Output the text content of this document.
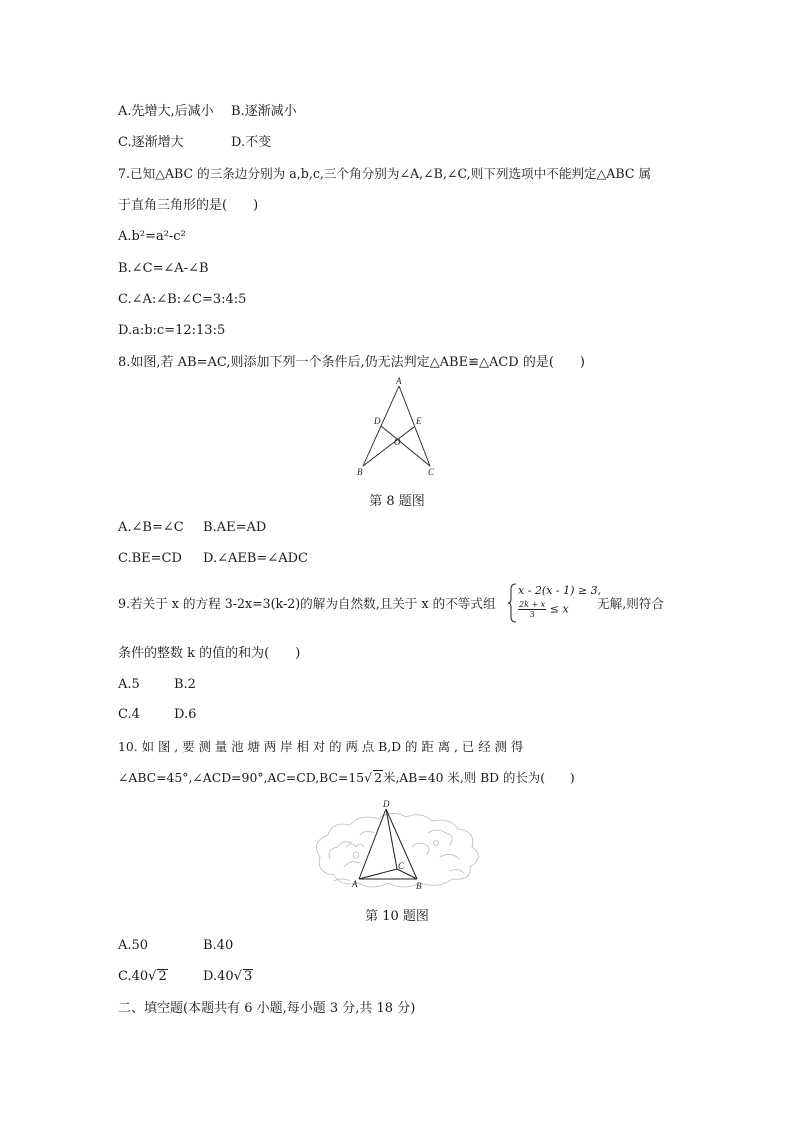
A.先增大,后减小 B.逐渐减小
C.逐渐增大	D.不变
7.已知△ABC 的三条边分别为 a,b,c,三个角分别为∠A,∠B,∠C,则下列选项中不能判定△ABC 属
于直角三角形的是(　　)
A.b²=a²-c²
B.∠C=∠A-∠B
C.∠A:∠B:∠C=3:4:5
D.a:b:c=12:13:5
8.如图,若 AB=AC,则添加下列一个条件后,仍无法判定△ABE≌△ACD 的是(　　)
A
D	E
O
B	C
第 8 题图
A.∠B=∠C B.AE=AD
C.BE=CD D.∠AEB=∠ADC
9.若关于 x 的方程 3-2x=3(k-2)的解为自然数,且关于 x 的不等式组
x - 2(x - 1) ≥ 3,
$\frac{2k + x}{3} \le x$ 无解,则符合
条件的整数 k 的值的和为(　　)
A.5	B.2
C.4	D.6
10. 如 图 , 要 测 量 池 塘 两 岸 相 对 的 两 点 B,D 的 距 离 , 已 经 测 得
∠ABC=45°,∠ACD=90°,AC=CD,BC=15√ 2米,AB=40 米,则 BD 的长为(　　)
D
C
A	B
第 10 题图
A.50	B.40
C.40√ 2	D.40√ 3
二、填空题(本题共有 6 小题,每小题 3 分,共 18 分)
